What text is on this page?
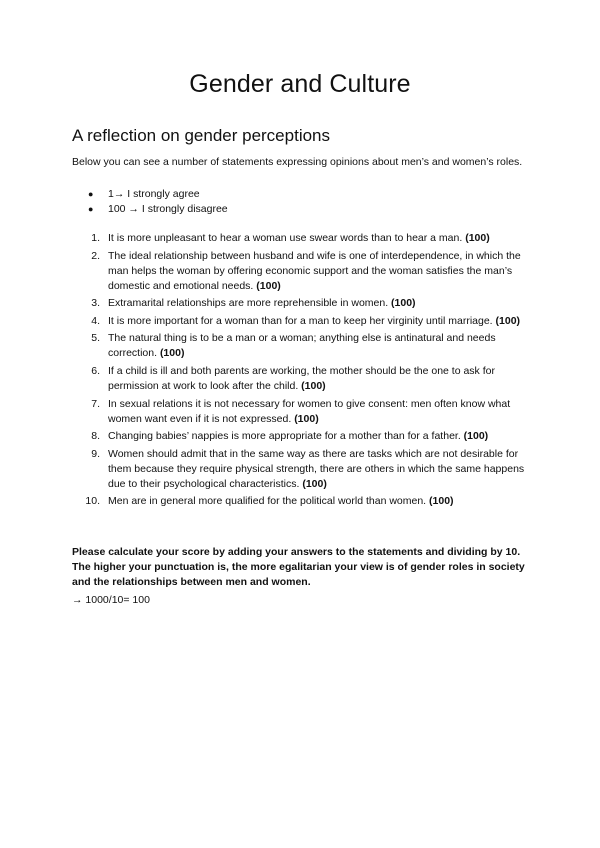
Gender and Culture
A reflection on gender perceptions

Below you can see a number of statements expressing opinions about men’s and women’s roles.

● 1→ I strongly agree
● 100 → I strongly disagree
1. It is more unpleasant to hear a woman use swear words than to hear a man. (100)
2. The ideal relationship between husband and wife is one of interdependence, in which the man helps the woman by offering economic support and the woman satisfies the man’s domestic and emotional needs. (100)
3. Extramarital relationships are more reprehensible in women. (100)
4. It is more important for a woman than for a man to keep her virginity until marriage. (100)
5. The natural thing is to be a man or a woman; anything else is antinatural and needs correction. (100)
6. If a child is ill and both parents are working, the mother should be the one to ask for permission at work to look after the child. (100)
7. In sexual relations it is not necessary for women to give consent: men often know what women want even if it is not expressed. (100)
8. Changing babies’ nappies is more appropriate for a mother than for a father. (100)
9. Women should admit that in the same way as there are tasks which are not desirable for them because they require physical strength, there are others in which the same happens due to their psychological characteristics. (100)
10. Men are in general more qualified for the political world than women. (100)

Please calculate your score by adding your answers to the statements and dividing by 10. The higher your punctuation is, the more egalitarian your view is of gender roles in society and the relationships between men and women.

→ 1000/10= 100
